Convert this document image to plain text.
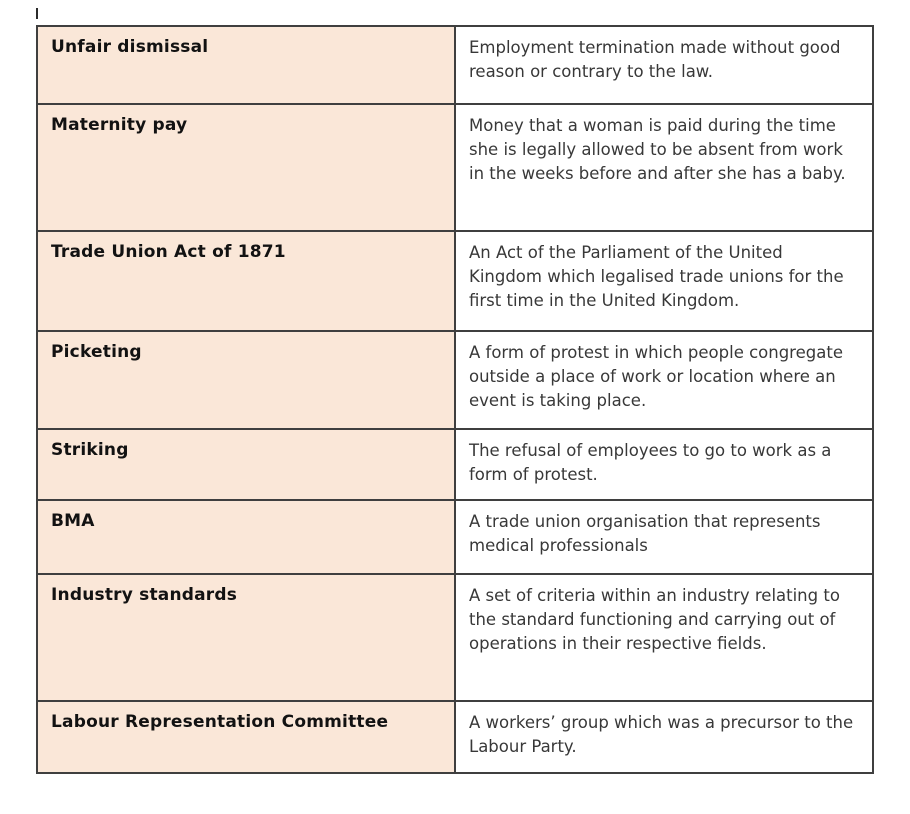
Unfair dismissal	Employment termination made without good reason or contrary to the law.
Maternity pay	Money that a woman is paid during the time she is legally allowed to be absent from work in the weeks before and after she has a baby.
Trade Union Act of 1871	An Act of the Parliament of the United Kingdom which legalised trade unions for the first time in the United Kingdom.
Picketing	A form of protest in which people congregate outside a place of work or location where an event is taking place.
Striking	The refusal of employees to go to work as a form of protest.
BMA	A trade union organisation that represents medical professionals
Industry standards	A set of criteria within an industry relating to the standard functioning and carrying out of operations in their respective fields.
Labour Representation Committee	A workers’ group which was a precursor to the Labour Party.
